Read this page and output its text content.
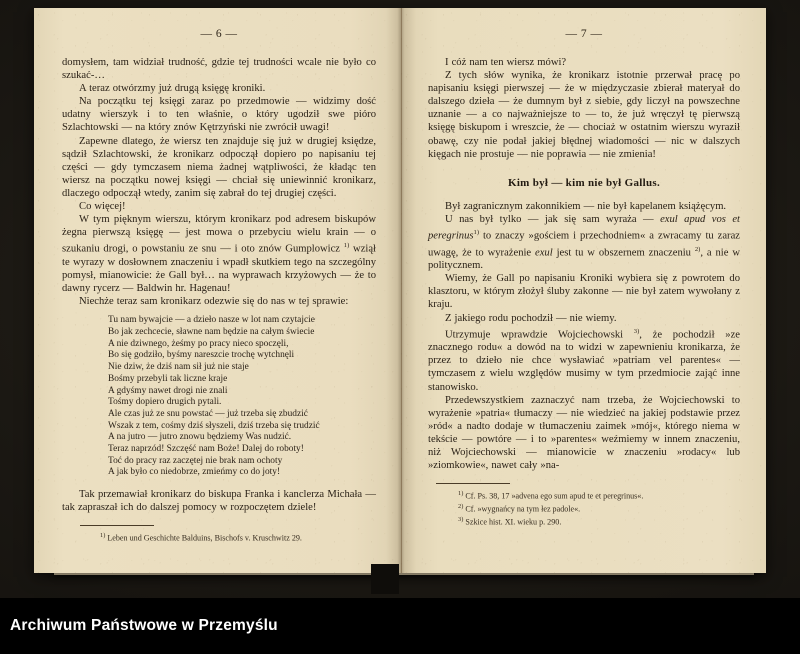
— 6 —

domysłem, tam widział trudność, gdzie tej trudności wcale nie było co szukać-…

A teraz otwórzmy już drugą księgę kroniki.

Na początku tej księgi zaraz po przedmowie — widzimy dość udatny wierszyk i to ten właśnie, o który ugodził swe pióro Szlachtowski — na który znów Kętrzyński nie zwrócił uwagi!

Zapewne dlatego, że wiersz ten znajduje się już w drugiej księdze, sądził Szlachtowski, że kronikarz odpoczął dopiero po napisaniu tej części — gdy tymczasem niema żadnej wątpliwości, że kładąc ten wiersz na początku nowej księgi — chciał się uniewinnić kronikarz, dlaczego odpoczął wtedy, zanim się zabrał do tej drugiej części.

Co więcej!

W tym pięknym wierszu, którym kronikarz pod adresem biskupów żegna pierwszą księgę — jest mowa o przebyciu wielu krain — o szukaniu drogi, o powstaniu ze snu — i oto znów Gumplowicz $^{1)}$ wziął te wyrazy w dosłownem znaczeniu i wpadł skutkiem tego na szczególny pomysł, mianowicie: że Gall był… na wyprawach krzyżowych — że to dawny rycerz — Baldwin hr. Hagenau!

Niechże teraz sam kronikarz odezwie się do nas w tej sprawie:

Tu nam bywajcie — a dzieło nasze w lot nam czytajcie
Bo jak zechcecie, sławne nam będzie na całym świecie
A nie dziwnego, żeśmy po pracy nieco spoczęli,
Bo się godziło, byśmy nareszcie trochę wytchnęli
Nie dziw, że dziś nam sił już nie staje
Bośmy przebyli tak liczne kraje
A gdyśmy nawet drogi nie znali
Tośmy dopiero drugich pytali.
Ale czas już ze snu powstać — już trzeba się zbudzić
Wszak z tem, cośmy dziś słyszeli, dziś trzeba się trudzić
A na jutro — jutro znowu będziemy Was nudzić.
Teraz naprzód! Szczęść nam Boże! Dalej do roboty!
Toć do pracy raz zaczętej nie brak nam ochoty
A jak było co niedobrze, zmieńmy co do joty!

Tak przemawiał kronikarz do biskupa Franka i kanclerza Michała — tak zapraszał ich do dalszej pomocy w rozpoczętem dziele!

$^{1)}$ Leben und Geschichte Balduins, Bischofs v. Kruschwitz 29.
— 7 —

I cóż nam ten wiersz mówi?

Z tych słów wynika, że kronikarz istotnie przerwał pracę po napisaniu księgi pierwszej — że w międzyczasie zbierał materyał do dalszego dzieła — że dumnym był z siebie, gdy liczył na powszechne uznanie — a co najważniejsze to — to, że już wręczył tę pierwszą księgę biskupom i wreszcie, że — chociaż w ostatnim wierszu wyraził obawę, czy nie podał jakiej błędnej wiadomości — nic w dalszych kięgach nie prostuje — nie poprawia — nie zmienia!

Kim był — kim nie był Gallus.

Był zagranicznym zakonnikiem — nie był kapelanem książęcym.

U nas był tylko — jak się sam wyraża — exul apud vos et peregrinus$^{1)}$ to znaczy »gościem i przechodniem« a zwracamy tu zaraz uwagę, że to wyrażenie exul jest tu w obszernem znaczeniu $^{2)}$, a nie w politycznem.

Wiemy, że Gall po napisaniu Kroniki wybiera się z powrotem do klasztoru, w którym złożył śluby zakonne — nie był zatem wywołany z kraju.

Z jakiego rodu pochodził — nie wiemy.

Utrzymuje wprawdzie Wojciechowski $^{3)}$, że pochodził »ze znacznego rodu« a dowód na to widzi w zapewnieniu kronikarza, że przez to dzieło nie chce wysławiać »patriam vel parentes« — tymczasem z wielu względów musimy w tym przedmiocie zająć inne stanowisko.

Przedewszystkiem zaznaczyć nam trzeba, że Wojciechowski to wyrażenie »patria« tłumaczy — nie wiedzieć na jakiej podstawie przez »ród« a nadto dodaje w tłumaczeniu zaimek »mój«, którego niema w tekście — powtóre — i to »parentes« weźmiemy w innem znaczeniu, niż Wojciechowski — mianowicie w znaczeniu »rodacy« lub »ziomkowie«, nawet cały »na-

$^{1)}$ Cf. Ps. 38, 17 »advena ego sum apud te et peregrinus«.
$^{2)}$ Cf. »wygnańcy na tym łez padole«.
$^{3)}$ Szkice hist. XI. wieku p. 290.
Archiwum Państwowe w Przemyślu
